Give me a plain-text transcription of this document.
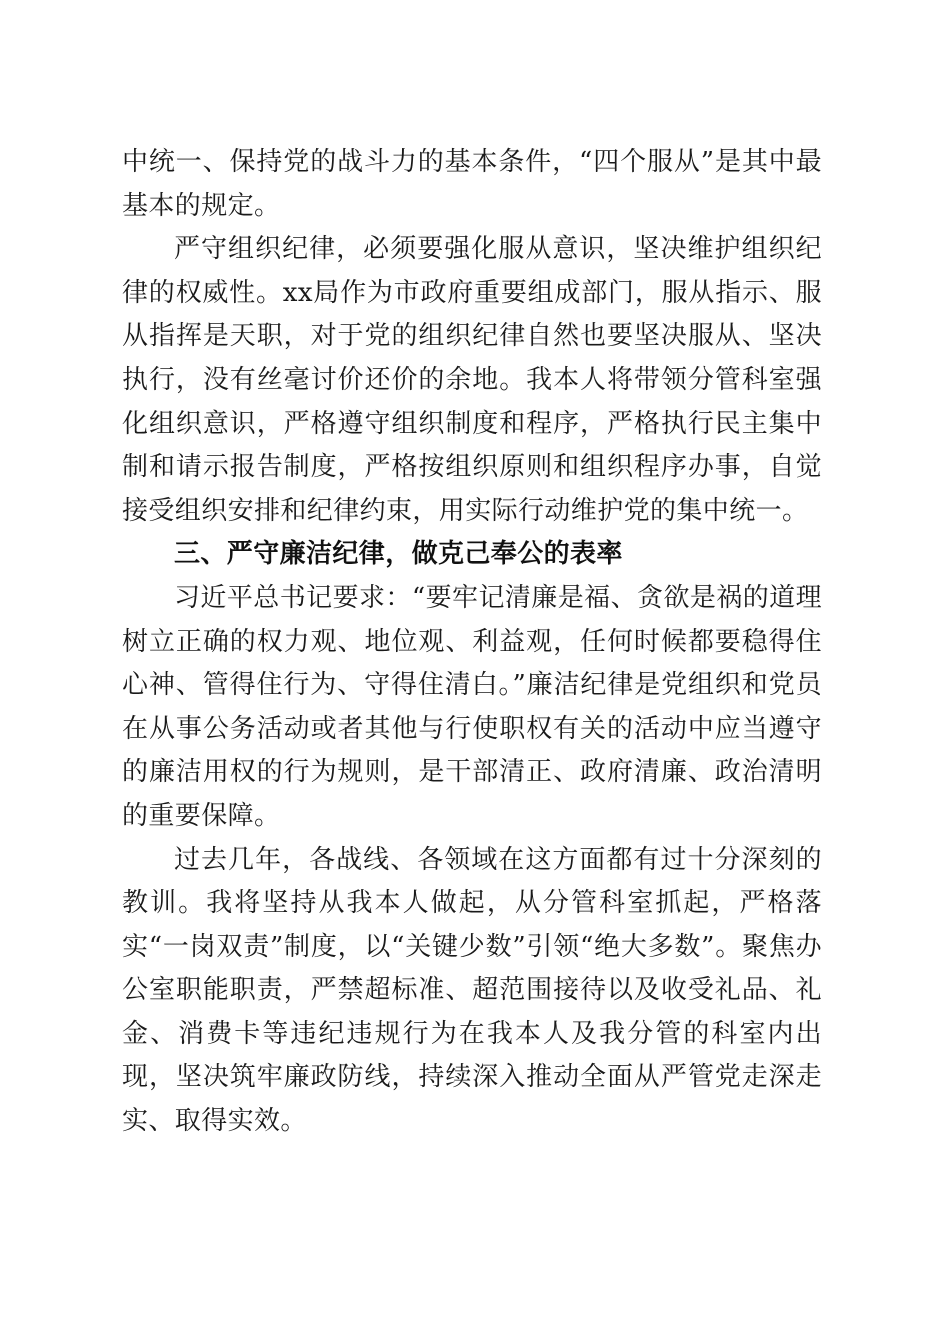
中统一、保持党的战斗力的基本条件，“四个服从”是其中最基本的规定。

严守组织纪律，必须要强化服从意识，坚决维护组织纪律的权威性。xx局作为市政府重要组成部门，服从指示、服从指挥是天职，对于党的组织纪律自然也要坚决服从、坚决执行，没有丝毫讨价还价的余地。我本人将带领分管科室强化组织意识，严格遵守组织制度和程序，严格执行民主集中制和请示报告制度，严格按组织原则和组织程序办事，自觉接受组织安排和纪律约束，用实际行动维护党的集中统一。

三、严守廉洁纪律，做克己奉公的表率

习近平总书记要求：“要牢记清廉是福、贪欲是祸的道理树立正确的权力观、地位观、利益观，任何时候都要稳得住心神、管得住行为、守得住清白。”廉洁纪律是党组织和党员在从事公务活动或者其他与行使职权有关的活动中应当遵守的廉洁用权的行为规则，是干部清正、政府清廉、政治清明的重要保障。

过去几年，各战线、各领域在这方面都有过十分深刻的教训。我将坚持从我本人做起，从分管科室抓起，严格落实“一岗双责”制度，以“关键少数”引领“绝大多数”。聚焦办公室职能职责，严禁超标准、超范围接待以及收受礼品、礼金、消费卡等违纪违规行为在我本人及我分管的科室内出现，坚决筑牢廉政防线，持续深入推动全面从严管党走深走实、取得实效。
